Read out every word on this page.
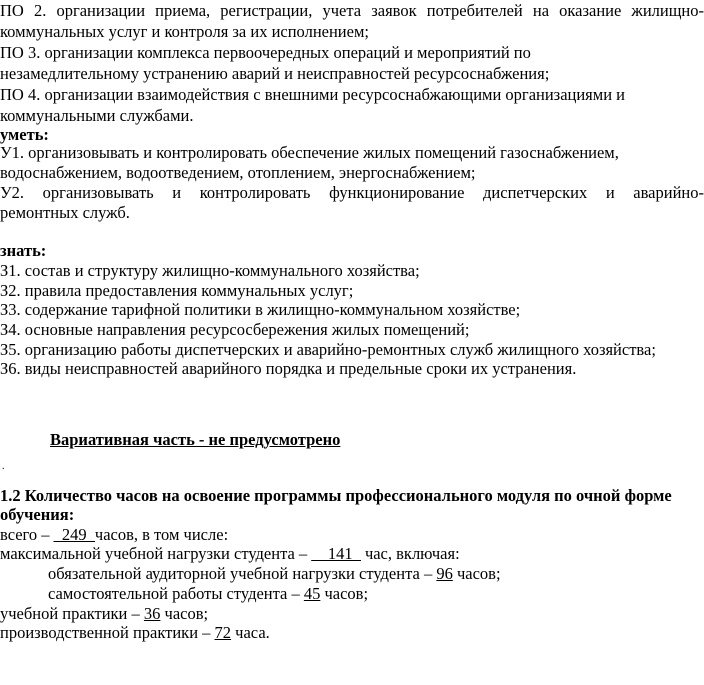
ПО 2. организации приема, регистрации, учета заявок потребителей на оказание жилищно-

коммунальных услуг и контроля за их исполнением;

ПО 3. организации комплекса первоочередных операций и мероприятий по

незамедлительному устранению аварий и неисправностей ресурсоснабжения;

ПО 4. организации взаимодействия с внешними ресурсоснабжающими организациями и

коммунальными службами.

уметь:

У1. организовывать и контролировать обеспечение жилых помещений газоснабжением,

водоснабжением, водоотведением, отоплением, энергоснабжением;

У2. организовывать и контролировать функционирование диспетчерских и аварийно-

ремонтных служб.

знать:

З1. состав и структуру жилищно-коммунального хозяйства;

З2. правила предоставления коммунальных услуг;

З3. содержание тарифной политики в жилищно-коммунальном хозяйстве;

З4. основные направления ресурсосбережения жилых помещений;

З5. организацию работы диспетчерских и аварийно-ремонтных служб жилищного хозяйства;

З6. виды неисправностей аварийного порядка и предельные сроки их устранения.

Вариативная часть - не предусмотрено

.

1.2 Количество часов на освоение программы профессионального модуля по очной форме

обучения:

всего – _249_часов, в том числе:

максимальной учебной нагрузки студента – __141_ час, включая:

обязательной аудиторной учебной нагрузки студента – 96 часов;

самостоятельной работы студента – 45 часов;

учебной практики – 36 часов;

производственной практики – 72 часа.
